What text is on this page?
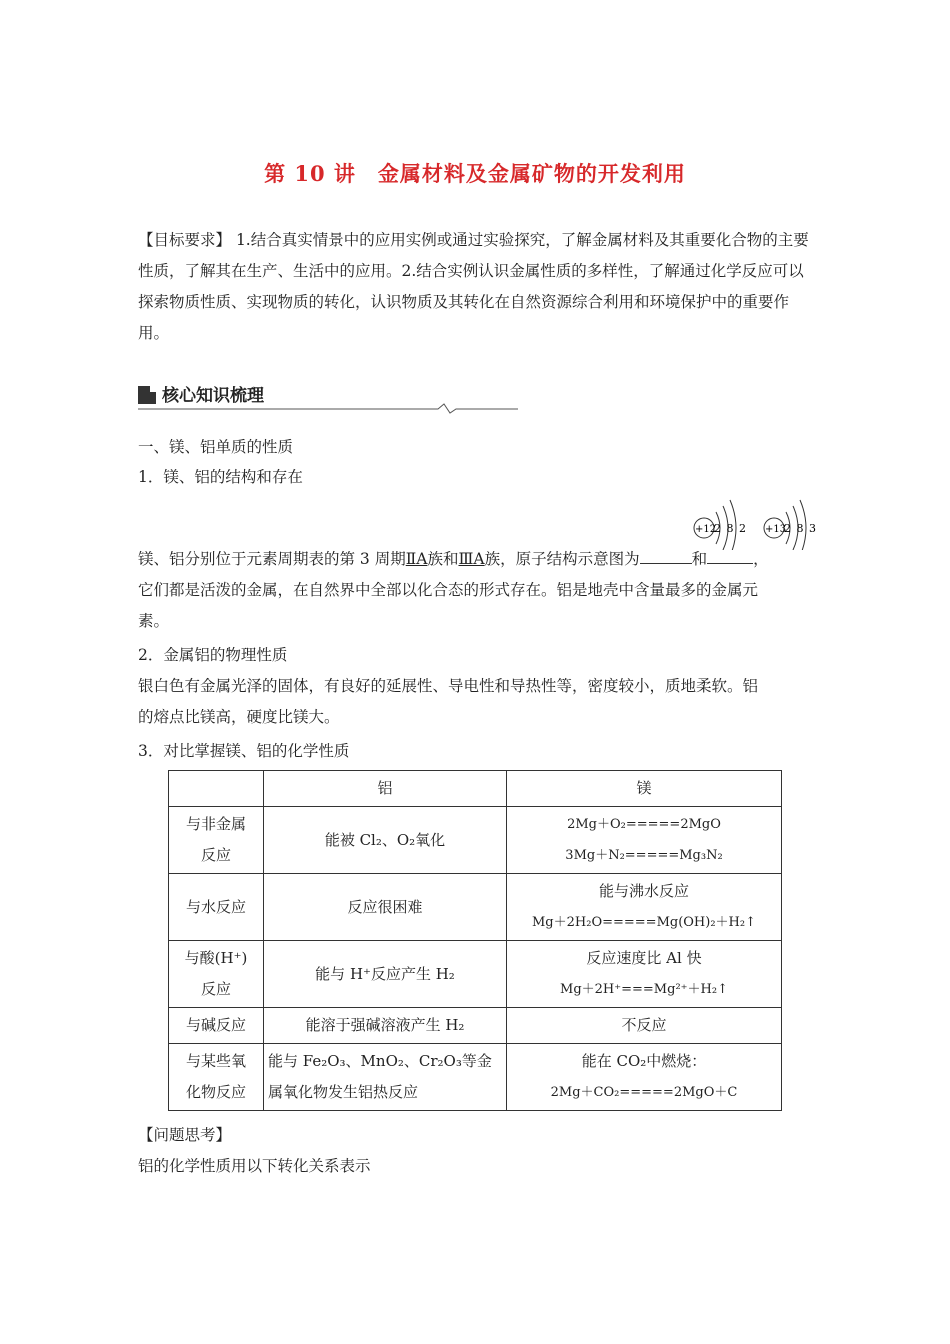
第 10 讲　金属材料及金属矿物的开发利用
【目标要求】 1.结合真实情景中的应用实例或通过实验探究，了解金属材料及其重要化合物的主要性质，了解其在生产、生活中的应用。2.结合实例认识金属性质的多样性，了解通过化学反应可以探索物质性质、实现物质的转化，认识物质及其转化在自然资源综合利用和环境保护中的重要作用。
核心知识梳理
一、镁、铝单质的性质
1．镁、铝的结构和存在
+12
2 8 2 +13
2 8 3
镁、铝分别位于元素周期表的第 3 周期ⅡA族和ⅢA族，原子结构示意图为	和	，
它们都是活泼的金属，在自然界中全部以化合态的形式存在。铝是地壳中含量最多的金属元
素。
2．金属铝的物理性质
银白色有金属光泽的固体，有良好的延展性、导电性和导热性等，密度较小，质地柔软。铝
的熔点比镁高，硬度比镁大。
3．对比掌握镁、铝的化学性质
	铝	镁
与非金属反应	能被 Cl₂、O₂氧化	2Mg＋O₂=====2MgO
3Mg＋N₂=====Mg₃N₂

与水反应	反应很困难	能与沸水反应
Mg＋2H₂O=====Mg(OH)₂＋H₂↑

与酸(H⁺)反应	能与 H⁺反应产生 H₂	反应速度比 Al 快
Mg＋2H⁺===Mg²⁺＋H₂↑

与碱反应	能溶于强碱溶液产生 H₂	不反应
与某些氧化物反应	能与 Fe₂O₃、MnO₂、Cr₂O₃等金属氧化物发生铝热反应	能在 CO₂中燃烧：
2Mg＋CO₂=====2MgO＋C
【问题思考】
铝的化学性质用以下转化关系表示
